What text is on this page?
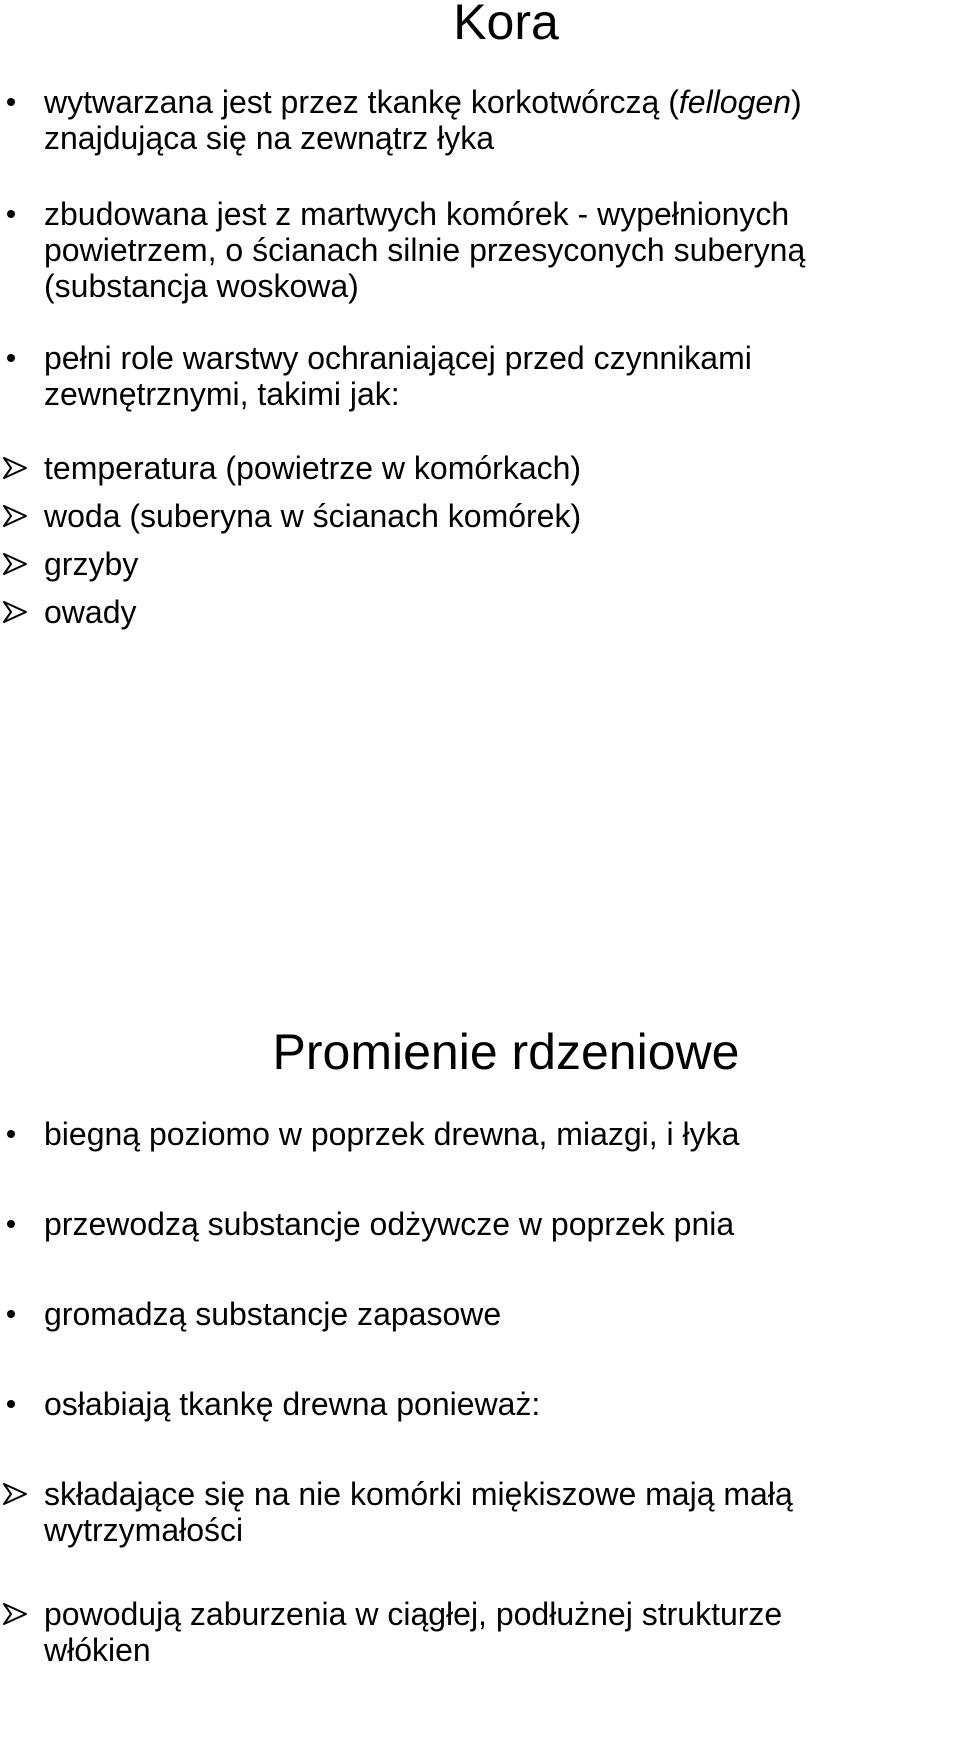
Kora
Promienie rdzeniowe
wytwarzana jest przez tkankę korkotwórczą (fellogen)
znajdująca się na zewnątrz łyka
zbudowana jest z martwych komórek - wypełnionych
powietrzem, o ścianach silnie przesyconych suberyną
(substancja woskowa)
pełni role warstwy ochraniającej przed czynnikami
zewnętrznymi, takimi jak:
temperatura (powietrze w komórkach)
woda (suberyna w ścianach komórek)
grzyby
owady
biegną poziomo w poprzek drewna, miazgi, i łyka
przewodzą substancje odżywcze w poprzek pnia
gromadzą substancje zapasowe
osłabiają tkankę drewna ponieważ:
składające się na nie komórki miękiszowe mają małą
wytrzymałości
powodują zaburzenia w ciągłej, podłużnej strukturze
włókien
